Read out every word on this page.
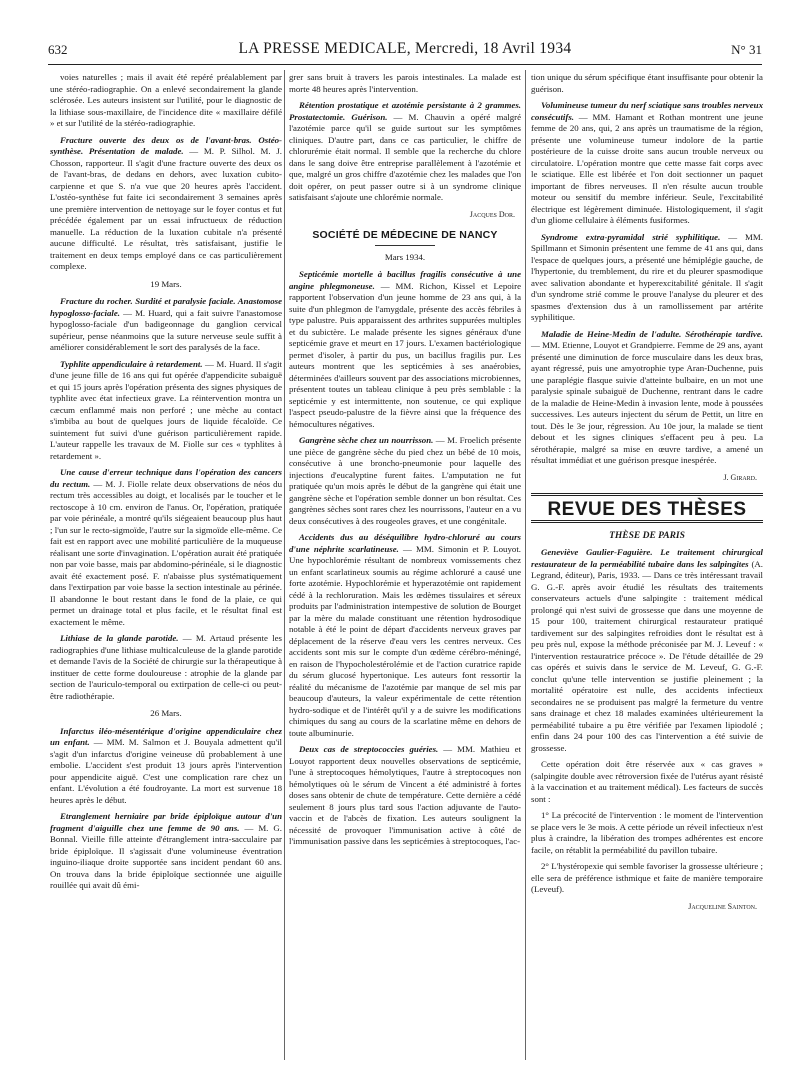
632	LA PRESSE MEDICALE, Mercredi, 18 Avril 1934	N° 31

voies naturelles ; mais il avait été repéré préalablement par une stéréo-radiographie. On a enlevé secondairement la glande sclérosée. Les auteurs insistent sur l'utilité, pour le diagnostic de la lithiase sous-maxillaire, de l'incidence dite « maxillaire défilé » et sur l'utilité de la stéréo-radiographie.

Fracture ouverte des deux os de l'avant-bras. Ostéo-synthèse. Présentation de malade. — M. P. Silhol. M. J. Chosson, rapporteur. Il s'agit d'une fracture ouverte des deux os de l'avant-bras, de dedans en dehors, avec luxation cubito-carpienne et que S. n'a vue que 20 heures après l'accident. L'ostéo-synthèse fut faite ici secondairement 3 semaines après une première intervention de nettoyage sur le foyer contus et fut précédée également par un essai infructueux de réduction manuelle. La réduction de la luxation cubitale n'a présenté aucune difficulté. Le résultat, très satisfaisant, justifie le traitement en deux temps employé dans ce cas particulièrement complexe.

19 Mars.

Fracture du rocher. Surdité et paralysie faciale. Anastomose hypoglosso-faciale. — M. Huard, qui a fait suivre l'anastomose hypoglosso-faciale d'un badigeonnage du ganglion cervical supérieur, pense néanmoins que la suture nerveuse seule suffit à améliorer considérablement le sort des paralysés de la face.

Typhlite appendiculaire à retardement. — M. Huard. Il s'agit d'une jeune fille de 16 ans qui fut opérée d'appendicite subaiguë et qui 15 jours après l'opération présenta des signes physiques de typhlite avec état infectieux grave. La réintervention montra un cæcum enflammé mais non perforé ; une mèche au contact s'imbiba au bout de quelques jours de liquide fécaloïde. Ce suintement fut suivi d'une guérison particulièrement rapide. L'auteur rappelle les travaux de M. Fiolle sur ces « typhlites à retardement ».

Une cause d'erreur technique dans l'opération des cancers du rectum. — M. J. Fiolle relate deux observations de néos du rectum très accessibles au doigt, et localisés par le toucher et le rectoscope à 10 cm. environ de l'anus. Or, l'opération, pratiquée par voie périnéale, a montré qu'ils siégeaient beaucoup plus haut ; l'un sur le recto-sigmoïde, l'autre sur la sigmoïde elle-même. Ce fait est en rapport avec une mobilité particulière de la muqueuse réalisant une sorte d'invagination. L'opération aurait été pratiquée non par voie basse, mais par abdomino-périnéale, si le diagnostic avait été exactement posé. F. n'abaisse plus systématiquement dans l'extirpation par voie basse la section intestinale au périnée. Il abandonne le bout restant dans le fond de la plaie, ce qui permet un drainage total et plus facile, et le résultat final est exactement le même.

Lithiase de la glande parotide. — M. Artaud présente les radiographies d'une lithiase multicalculeuse de la glande parotide et demande l'avis de la Société de chirurgie sur la thérapeutique à instituer de cette forme douloureuse : atrophie de la glande par section de l'auriculo-temporal ou extirpation de celle-ci ou peut-être radiothérapie.

26 Mars.

Infarctus iléo-mésentérique d'origine appendiculaire chez un enfant. — MM. M. Salmon et J. Bouyala admettent qu'il s'agit d'un infarctus d'origine veineuse dû probablement à une embolie. L'accident s'est produit 13 jours après l'intervention pour appendicite aiguë. C'est une complication rare chez un enfant. L'évolution a été foudroyante. La mort est survenue 18 heures après le début.

Etranglement herniaire par bride épiploïque autour d'un fragment d'aiguille chez une femme de 90 ans. — M. G. Bonnal. Vieille fille atteinte d'étranglement intra-sacculaire par bride épiploïque. Il s'agissait d'une volumineuse éventration inguino-iliaque droite supportée sans incident pendant 60 ans. On trouva dans la bride épiploïque sectionnée une aiguille rouillée qui avait dû émi-

grer sans bruit à travers les parois intestinales. La malade est morte 48 heures après l'intervention.

Rétention prostatique et azotémie persistante à 2 grammes. Prostatectomie. Guérison. — M. Chauvin a opéré malgré l'azotémie parce qu'il se guide surtout sur les symptômes cliniques. D'autre part, dans ce cas particulier, le chiffre de chlorurémie était normal. Il semble que la recherche du chlore dans le sang doive être entreprise parallèlement à l'azotémie et que, malgré un gros chiffre d'azotémie chez les malades que l'on doit opérer, on peut passer outre si à un syndrome clinique satisfaisant s'ajoute une chlorémie normale.

Jacques Dor.
SOCIÉTÉ DE MÉDECINE DE NANCY
Mars 1934.

Septicémie mortelle à bacillus fragilis consécutive à une angine phlegmoneuse. — MM. Richon, Kissel et Lepoire rapportent l'observation d'un jeune homme de 23 ans qui, à la suite d'un phlegmon de l'amygdale, présente des accès fébriles à type palustre. Puis apparaissent des arthrites suppurées multiples et du subictère. Le malade présente les signes généraux d'une septicémie grave et meurt en 17 jours. L'examen bactériologique permet d'isoler, à partir du pus, un bacillus fragilis pur. Les auteurs montrent que les septicémies à ses anaérobies, déterminées d'ailleurs souvent par des associations microbiennes, présentent toutes un tableau clinique à peu près semblable : la septicémie y est intermittente, non soutenue, ce qui explique l'aspect pseudo-palustre de la fièvre ainsi que la fréquence des hémocultures négatives.

Gangrène sèche chez un nourrisson. — M. Froelich présente une pièce de gangrène sèche du pied chez un bébé de 10 mois, consécutive à une broncho-pneumonie pour laquelle des injections d'eucalyptine furent faites. L'amputation ne fut pratiquée qu'un mois après le début de la gangrène qui était une gangrène sèche et l'opération semble donner un bon résultat. Ces gangrènes sèches sont rares chez les nourrissons, l'auteur en a vu deux consécutives à des rougeoles graves, et une congénitale.

Accidents dus au déséquilibre hydro-chloruré au cours d'une néphrite scarlatineuse. — MM. Simonin et P. Louyot. Une hypochlorémie résultant de nombreux vomissements chez un enfant scarlatineux soumis au régime achloruré a causé une forte azotémie. Hypochlorémie et hyperazotémie ont rapidement cédé à la rechloruration. Mais les œdèmes tissulaires et séreux produits par l'administration intempestive de solution de Bourget par la mère du malade constituant une rétention hydrosodique notable à été le point de départ d'accidents nerveux graves par déplacement de la réserve d'eau vers les centres nerveux. Ces accidents sont mis sur le compte d'un œdème cérébro-méningé, en raison de l'hypocholestérolémie et de l'action curatrice rapide du sérum glucosé hypertonique. Les auteurs font ressortir la réalité du mécanisme de l'azotémie par manque de sel mis par beaucoup d'auteurs, la valeur expérimentale de cette rétention hydro-sodique et de l'intérêt qu'il y a de suivre les modifications chimiques du sang au cours de la scarlatine même en dehors de toute albuminurie.

Deux cas de streptococcies guéries. — MM. Mathieu et Louyot rapportent deux nouvelles observations de septicémie, l'une à streptocoques hémolytiques, l'autre à streptocoques non hémolytiques où le sérum de Vincent a été administré à fortes doses sans obtenir de chute de température. Cette dernière a cédé seulement 8 jours plus tard sous l'action adjuvante de l'auto-vaccin et de l'abcès de fixation. Les auteurs soulignent la nécessité de provoquer l'immunisation active à côté de l'immunisation passive dans les septicémies à streptocoques, l'ac-

tion unique du sérum spécifique étant insuffisante pour obtenir la guérison.

Volumineuse tumeur du nerf sciatique sans troubles nerveux consécutifs. — MM. Hamant et Rothan montrent une jeune femme de 20 ans, qui, 2 ans après un traumatisme de la région, présente une volumineuse tumeur indolore de la partie postérieure de la cuisse droite sans aucun trouble nerveux ou circulatoire. L'opération montre que cette masse fait corps avec le sciatique. Elle est libérée et l'on doit sectionner un paquet important de fibres nerveuses. Il n'en résulte aucun trouble moteur ou sensitif du membre inférieur. Seule, l'excitabilité électrique est légèrement diminuée. Histologiquement, il s'agit d'un gliome cellulaire à éléments fusiformes.

Syndrome extra-pyramidal strié syphilitique. — MM. Spillmann et Simonin présentent une femme de 41 ans qui, dans l'espace de quelques jours, a présenté une hémiplégie gauche, de l'hypertonie, du tremblement, du rire et du pleurer spasmodique avec salivation abondante et hyperexcitabilité génitale. Il s'agit d'un syndrome strié comme le prouve l'analyse du pleurer et des spasmes d'extension dus à un ramollissement par artérite syphilitique.

Maladie de Heine-Medin de l'adulte. Sérothérapie tardive. — MM. Etienne, Louyot et Grandpierre. Femme de 29 ans, ayant présenté une diminution de force musculaire dans les deux bras, ayant régressé, puis une amyotrophie type Aran-Duchenne, puis une paraplégie flasque suivie d'atteinte bulbaire, en un mot une paralysie spinale subaiguë de Duchenne, rentrant dans le cadre de la maladie de Heine-Medin à invasion lente, mode à poussées successives. Les auteurs injectent du sérum de Pettit, un litre en tout. Dès le 3e jour, régression. Au 10e jour, la malade se tient debout et les signes cliniques s'effacent peu à peu. La sérothérapie, malgré sa mise en œuvre tardive, a amené un résultat immédiat et une guérison presque inespérée.

J. Girard.
REVUE DES THÈSES
THÈSE DE PARIS

Geneviève Gaulier-Faguière. Le traitement chirurgical restaurateur de la perméabilité tubaire dans les salpingites (A. Legrand, éditeur), Paris, 1933. — Dans ce très intéressant travail G. G.-F. après avoir étudié les résultats des traitements conservateurs actuels d'une salpingite : traitement médical prolongé qui n'est suivi de grossesse que dans une moyenne de 15 pour 100, traitement chirurgical restaurateur pratiqué tardivement sur des salpingites refroidies dont le résultat est à peu près nul, expose la méthode préconisée par M. J. Leveuf : « l'intervention restauratrice précoce ». De l'étude détaillée de 29 cas opérés et suivis dans le service de M. Leveuf, G. G.-F. conclut qu'une telle intervention se justifie pleinement ; la mortalité opératoire est nulle, des accidents infectieux secondaires ne se produisent pas malgré la fermeture du ventre sans drainage et chez 18 malades examinées ultérieurement la perméabilité tubaire a pu être vérifiée par l'examen lipiodolé ; enfin dans 24 pour 100 des cas l'intervention a été suivie de grossesse.

Cette opération doit être réservée aux « cas graves » (salpingite double avec rétroversion fixée de l'utérus ayant résisté à la vaccination et au traitement médical). Les facteurs de succès sont :

1° La précocité de l'intervention : le moment de l'intervention se place vers le 3e mois. A cette période un réveil infectieux n'est plus à craindre, la libération des trompes adhérentes est encore facile, on rétablit la perméabilité du pavillon tubaire.

2° L'hystéropexie qui semble favoriser la grossesse ultérieure ; elle sera de préférence isthmique et faite de manière temporaire (Leveuf).

Jacqueline Sainton.
